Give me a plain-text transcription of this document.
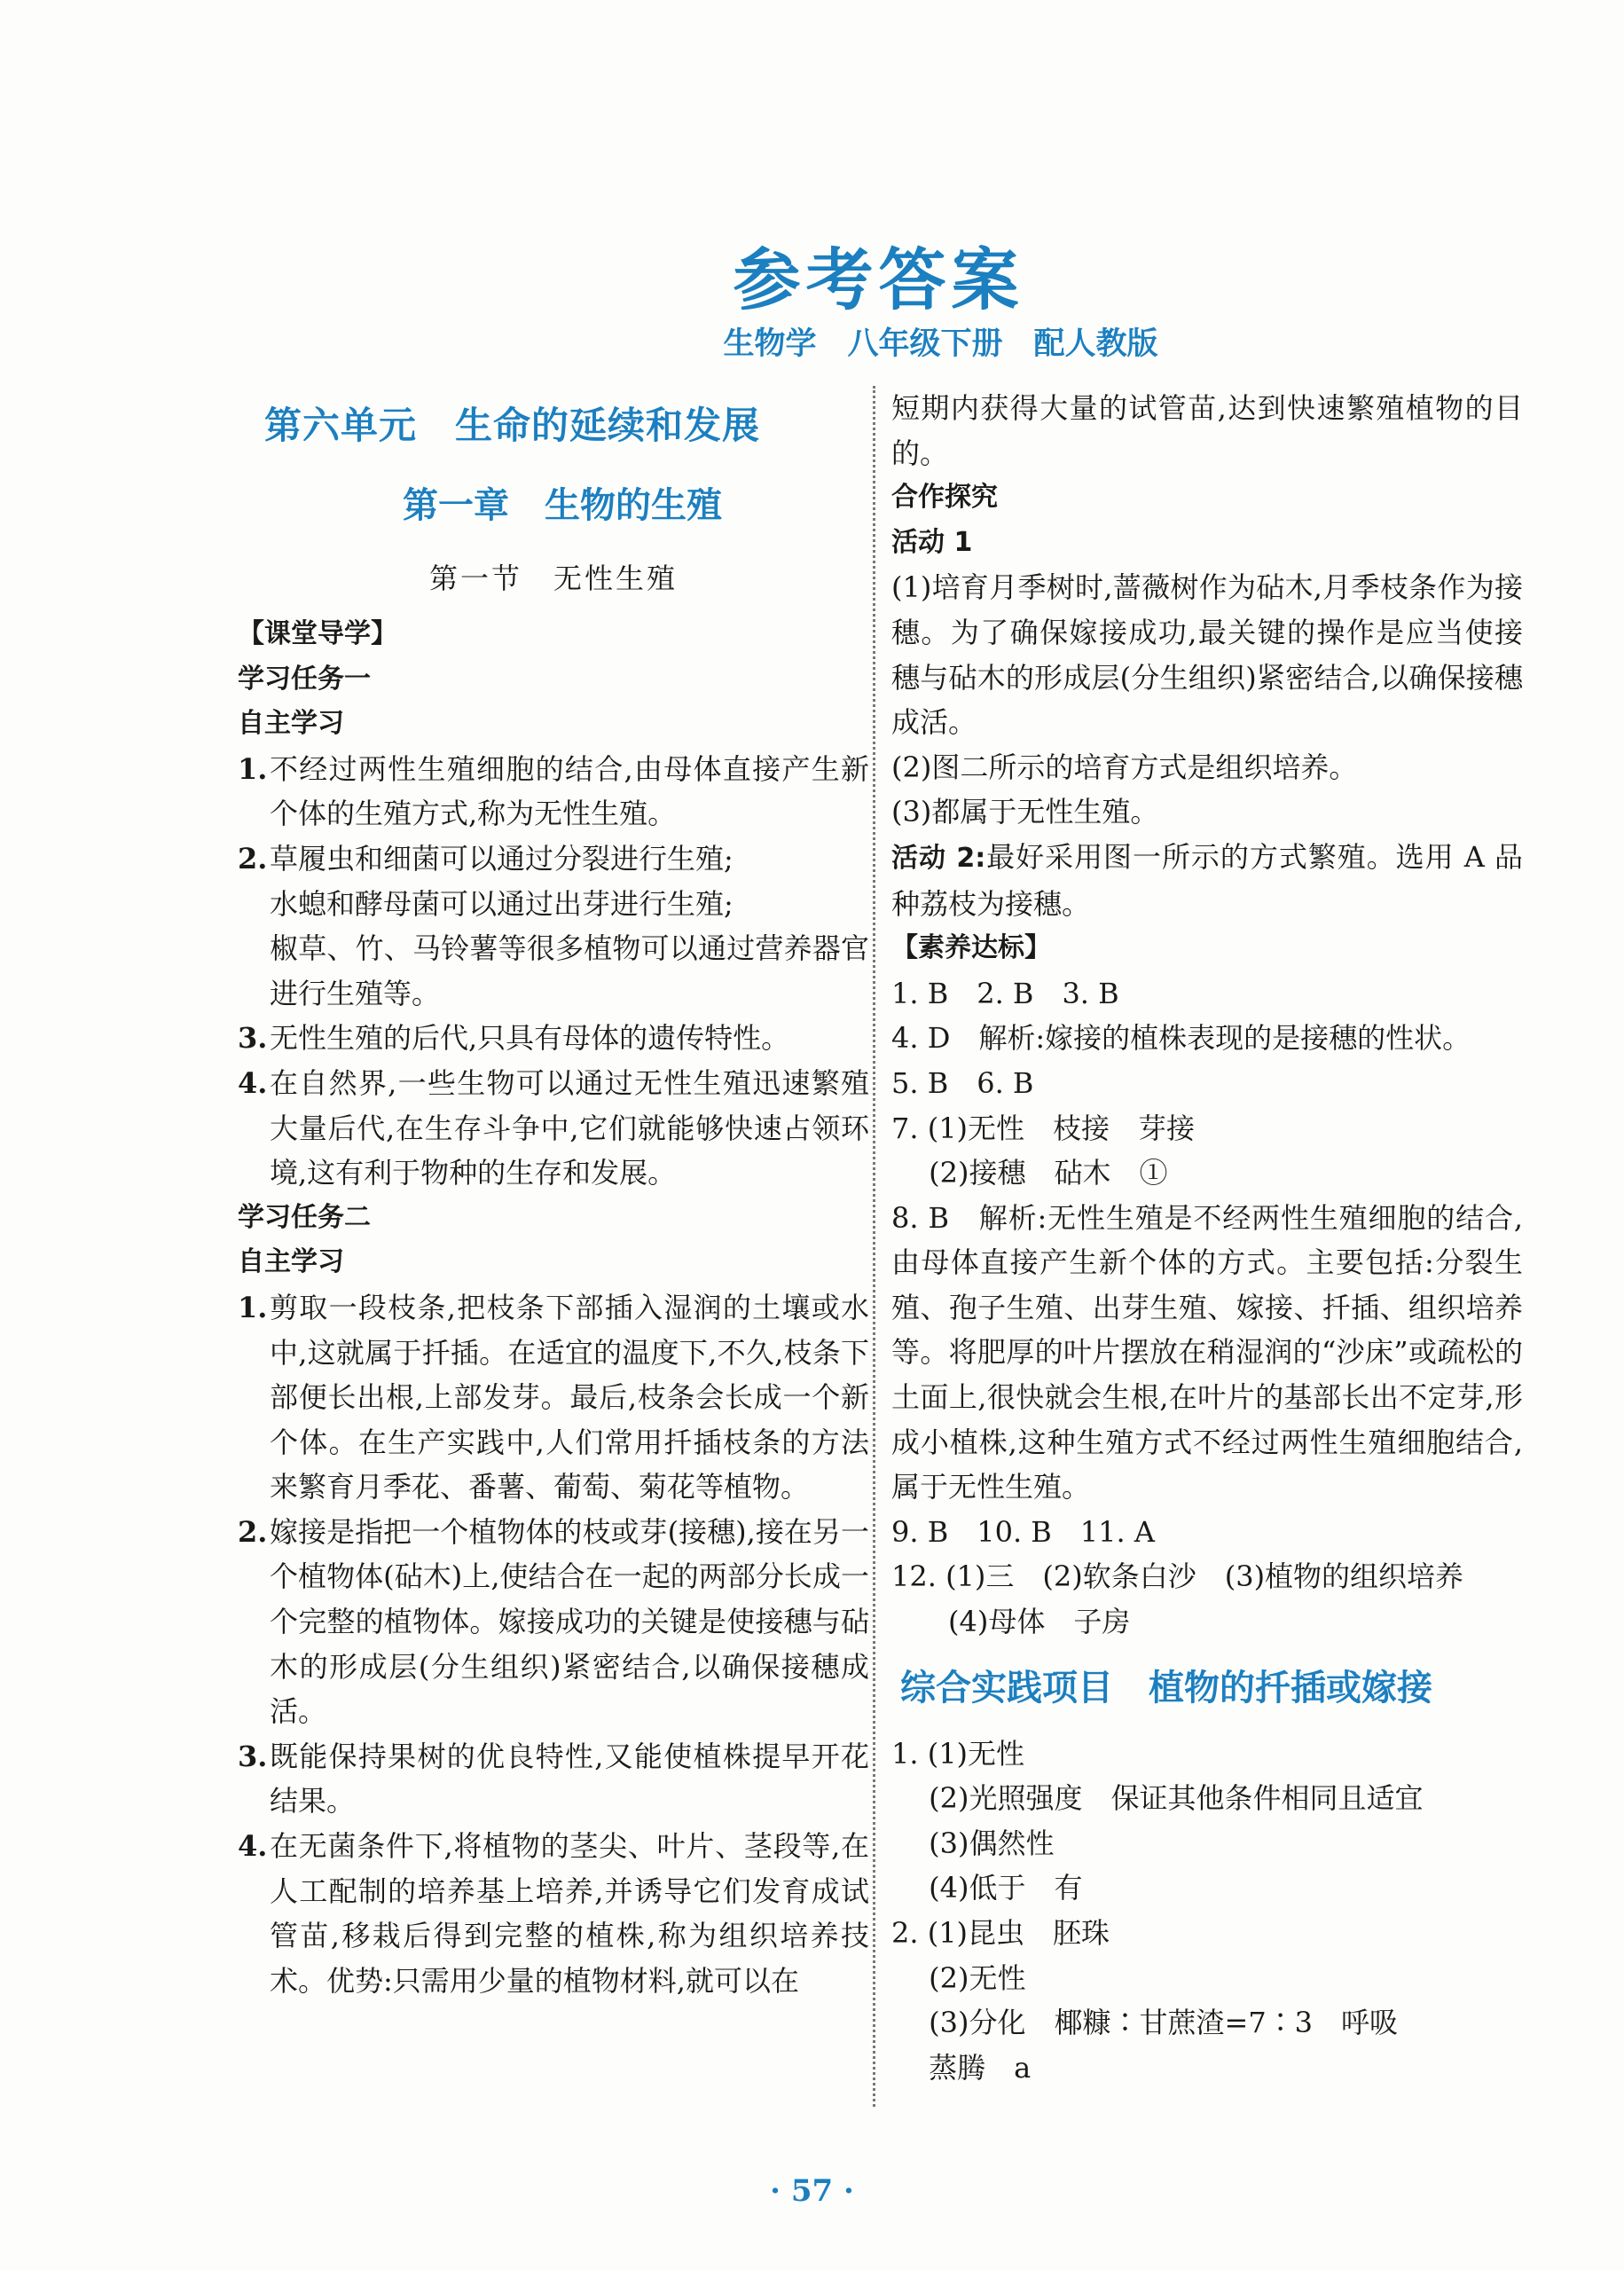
参考答案
生物学　八年级下册　配人教版
第六单元　生命的延续和发展
第一章　生物的生殖
第一节　无性生殖
【课堂导学】
学习任务一
自主学习
1. 不经过两性生殖细胞的结合,由母体直接产生新个体的生殖方式,称为无性生殖。
2. 草履虫和细菌可以通过分裂进行生殖;
水螅和酵母菌可以通过出芽进行生殖;
椒草、竹、马铃薯等很多植物可以通过营养器官进行生殖等。
3. 无性生殖的后代,只具有母体的遗传特性。
4. 在自然界,一些生物可以通过无性生殖迅速繁殖大量后代,在生存斗争中,它们就能够快速占领环境,这有利于物种的生存和发展。
学习任务二
自主学习
1. 剪取一段枝条,把枝条下部插入湿润的土壤或水中,这就属于扦插。在适宜的温度下,不久,枝条下部便长出根,上部发芽。最后,枝条会长成一个新个体。在生产实践中,人们常用扦插枝条的方法来繁育月季花、番薯、葡萄、菊花等植物。
2. 嫁接是指把一个植物体的枝或芽(接穗),接在另一个植物体(砧木)上,使结合在一起的两部分长成一个完整的植物体。嫁接成功的关键是使接穗与砧木的形成层(分生组织)紧密结合,以确保接穗成活。
3. 既能保持果树的优良特性,又能使植株提早开花结果。
4. 在无菌条件下,将植物的茎尖、叶片、茎段等,在人工配制的培养基上培养,并诱导它们发育成试管苗,移栽后得到完整的植株,称为组织培养技术。优势:只需用少量的植物材料,就可以在
短期内获得大量的试管苗,达到快速繁殖植物的目的。
合作探究
活动 1
(1)培育月季树时,蔷薇树作为砧木,月季枝条作为接穗。为了确保嫁接成功,最关键的操作是应当使接穗与砧木的形成层(分生组织)紧密结合,以确保接穗成活。
(2)图二所示的培育方式是组织培养。
(3)都属于无性生殖。
活动 2:最好采用图一所示的方式繁殖。选用 A 品种荔枝为接穗。
【素养达标】
1. B　2. B　3. B
4. D　解析:嫁接的植株表现的是接穗的性状。
5. B　6. B
7. (1)无性　枝接　芽接
　 (2)接穗　砧木　①
8. B　解析:无性生殖是不经两性生殖细胞的结合,由母体直接产生新个体的方式。主要包括:分裂生殖、孢子生殖、出芽生殖、嫁接、扦插、组织培养等。将肥厚的叶片摆放在稍湿润的“沙床”或疏松的土面上,很快就会生根,在叶片的基部长出不定芽,形成小植株,这种生殖方式不经过两性生殖细胞结合,属于无性生殖。
9. B　10. B　11. A
12. (1)三　(2)软条白沙　(3)植物的组织培养
　　(4)母体　子房
综合实践项目　植物的扦插或嫁接
1. (1)无性
　 (2)光照强度　保证其他条件相同且适宜
　 (3)偶然性
　 (4)低于　有
2. (1)昆虫　胚珠
　 (2)无性
　 (3)分化　椰糠∶甘蔗渣=7∶3　呼吸
　 蒸腾　a
· 57 ·
